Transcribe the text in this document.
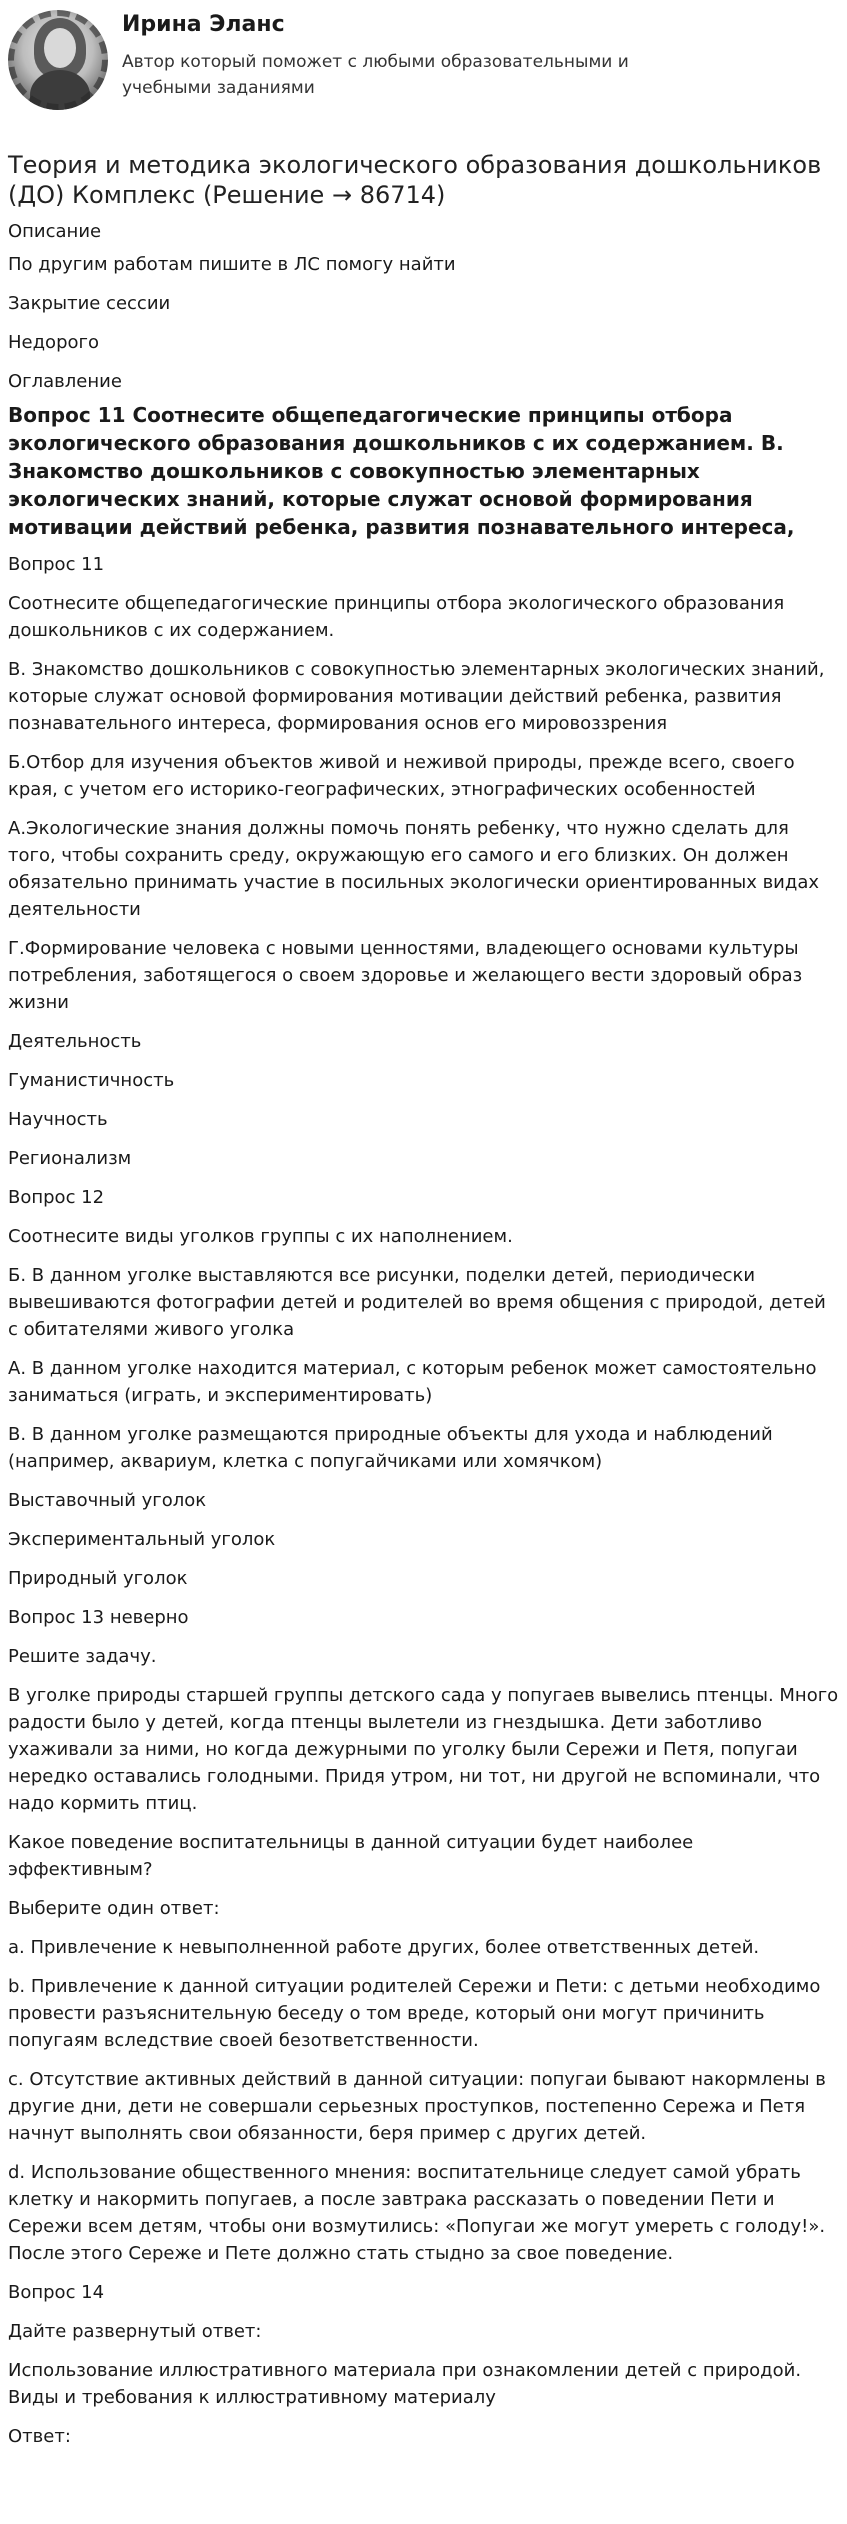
Ирина Эланс
Автор который поможет с любыми образовательными и учебными заданиями
Теория и методика экологического образования дошкольников (ДО) Комплекс (Решение → 86714)
Описание
По другим работам пишите в ЛС помогу найти
Закрытие сессии
Недорого
Оглавление
Вопрос 11 Соотнесите общепедагогические принципы отбора экологического образования дошкольников с их содержанием. В. Знакомство дошкольников с совокупностью элементарных экологических знаний, которые служат основой формирования мотивации действий ребенка, развития познавательного интереса,
Вопрос 11
Соотнесите общепедагогические принципы отбора экологического образования дошкольников с их содержанием.
В. Знакомство дошкольников с совокупностью элементарных экологических знаний, которые служат основой формирования мотивации действий ребенка, развития познавательного интереса, формирования основ его мировоззрения
Б.Отбор для изучения объектов живой и неживой природы, прежде всего, своего края, с учетом его историко-географических, этнографических особенностей
А.Экологические знания должны помочь понять ребенку, что нужно сделать для того, чтобы сохранить среду, окружающую его самого и его близких. Он должен обязательно принимать участие в посильных экологически ориентированных видах деятельности
Г.Формирование человека с новыми ценностями, владеющего основами культуры потребления, заботящегося о своем здоровье и желающего вести здоровый образ жизни
Деятельность
Гуманистичность
Научность
Регионализм
Вопрос 12
Соотнесите виды уголков группы с их наполнением.
Б. В данном уголке выставляются все рисунки, поделки детей, периодически вывешиваются фотографии детей и родителей во время общения с природой, детей с обитателями живого уголка
А. В данном уголке находится материал, с которым ребенок может самостоятельно заниматься (играть, и экспериментировать)
В. В данном уголке размещаются природные объекты для ухода и наблюдений (например, аквариум, клетка с попугайчиками или хомячком)
Выставочный уголок
Экспериментальный уголок
Природный уголок
Вопрос 13 неверно
Решите задачу.
В уголке природы старшей группы детского сада у попугаев вывелись птенцы. Много радости было у детей, когда птенцы вылетели из гнездышка. Дети заботливо ухаживали за ними, но когда дежурными по уголку были Сережи и Петя, попугаи нередко оставались голодными. Придя утром, ни тот, ни другой не вспоминали, что надо кормить птиц.
Какое поведение воспитательницы в данной ситуации будет наиболее эффективным?
Выберите один ответ:
a. Привлечение к невыполненной работе других, более ответственных детей.
b. Привлечение к данной ситуации родителей Сережи и Пети: с детьми необходимо провести разъяснительную беседу о том вреде, который они могут причинить попугаям вследствие своей безответственности.
c. Отсутствие активных действий в данной ситуации: попугаи бывают накормлены в другие дни, дети не совершали серьезных проступков, постепенно Сережа и Петя начнут выполнять свои обязанности, беря пример с других детей.
d. Использование общественного мнения: воспитательнице следует самой убрать клетку и накормить попугаев, а после завтрака рассказать о поведении Пети и Сережи всем детям, чтобы они возмутились: «Попугаи же могут умереть с голоду!». После этого Сереже и Пете должно стать стыдно за свое поведение.
Вопрос 14
Дайте развернутый ответ:
Использование иллюстративного материала при ознакомлении детей с природой. Виды и требования к иллюстративному материалу
Ответ:
